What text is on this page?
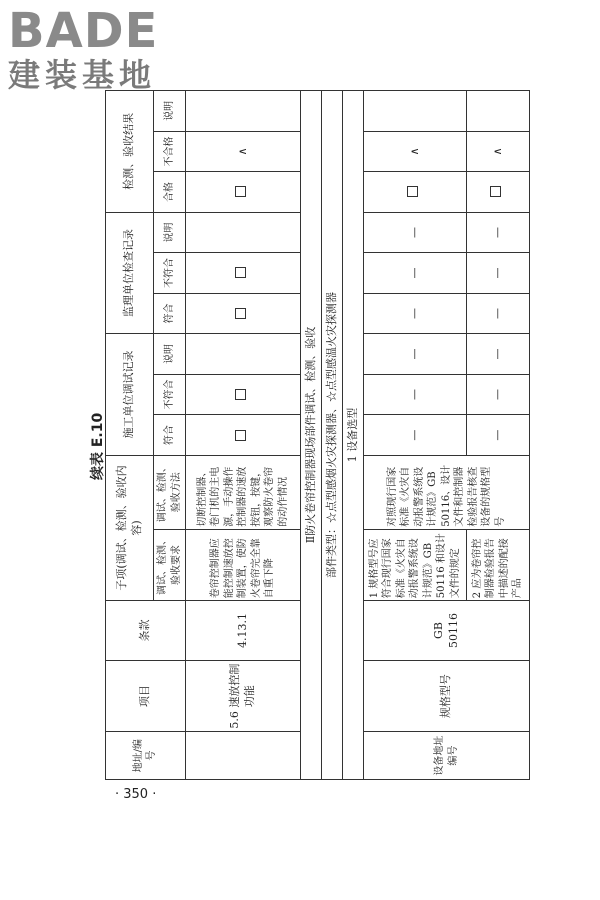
BADE
建装基地
续表 E.10
地址/编号	项目	条款	子项(调试、检测、验收内容)		施工单位调试记录			监理单位检查记录			检测、验收结果		

			调试、检测、验收要求	调试、检测、验收方法	符合	不符合	说明	符合	不符合	说明	合格	不合格	说明
	5.6 速放控制功能	4.13.1	卷帘控制器应能控制速放控制装置，使防火卷帘完全靠自重下降	切断控制器、卷门机的主电源，手动操作控制器的速放按钮，按键，观察防火卷帘的动作情况								∧	
Ⅱ防火卷帘控制器现场部件调试、检测、验收													
部件类型：☆点型感烟火灾探测器、☆点型感温火灾探测器													
1 设备选型													
设备地址编号	规格型号	GB 50116	1 规格型号应符合现行国家标准《火灾自动报警系统设计规范》GB 50116 和设计文件的规定	对照现行国家标准《火灾自动报警系统设计规范》GB 50116、设计文件和控制器检验报告核查设备的规格型号	—	—	—	—	—	—		∧	
			2 应为卷帘控制器检验报告中描述的配接产品		—	—	—	—	—	—		∧	
· 350 ·
